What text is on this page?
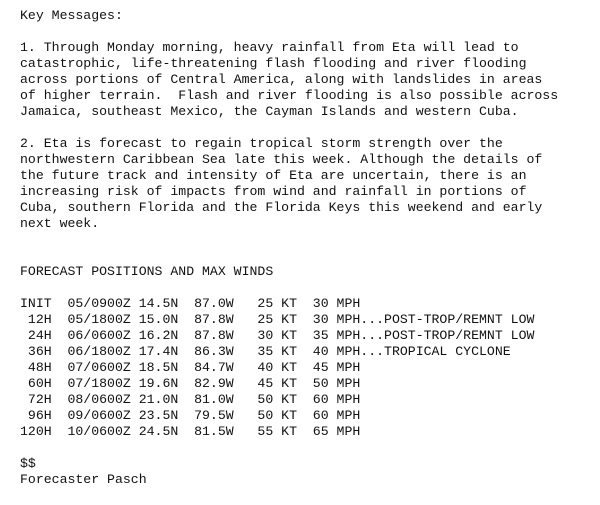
Key Messages:
1. Through Monday morning, heavy rainfall from Eta will lead to
catastrophic, life-threatening flash flooding and river flooding
across portions of Central America, along with landslides in areas
of higher terrain.  Flash and river flooding is also possible across
Jamaica, southeast Mexico, the Cayman Islands and western Cuba.
2. Eta is forecast to regain tropical storm strength over the
northwestern Caribbean Sea late this week. Although the details of
the future track and intensity of Eta are uncertain, there is an
increasing risk of impacts from wind and rainfall in portions of
Cuba, southern Florida and the Florida Keys this weekend and early
next week.
FORECAST POSITIONS AND MAX WINDS
INIT  05/0900Z 14.5N  87.0W   25 KT  30 MPH
12H  05/1800Z 15.0N  87.8W   25 KT  30 MPH...POST-TROP/REMNT LOW
24H  06/0600Z 16.2N  87.8W   30 KT  35 MPH...POST-TROP/REMNT LOW
36H  06/1800Z 17.4N  86.3W   35 KT  40 MPH...TROPICAL CYCLONE
48H  07/0600Z 18.5N  84.7W   40 KT  45 MPH
60H  07/1800Z 19.6N  82.9W   45 KT  50 MPH
72H  08/0600Z 21.0N  81.0W   50 KT  60 MPH
96H  09/0600Z 23.5N  79.5W   50 KT  60 MPH
120H  10/0600Z 24.5N  81.5W   55 KT  65 MPH
$$
Forecaster Pasch
